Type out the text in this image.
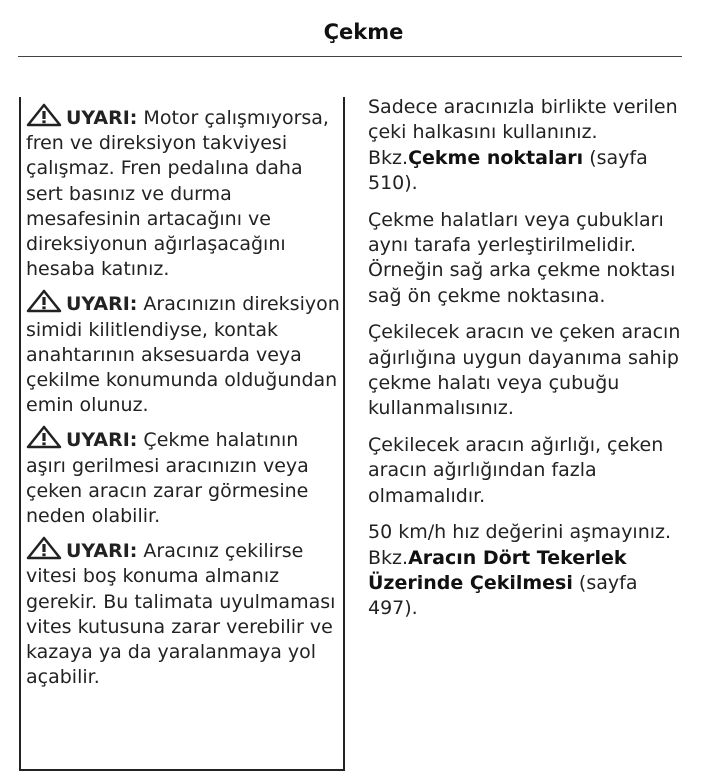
Çekme

UYARI: Motor çalışmıyorsa, fren ve direksiyon takviyesi çalışmaz. Fren pedalına daha sert basınız ve durma mesafesinin artacağını ve direksiyonun ağırlaşacağını hesaba katınız.

UYARI: Aracınızın direksiyon simidi kilitlendiyse, kontak anahtarının aksesuarda veya çekilme konumunda olduğundan emin olunuz.

UYARI: Çekme halatının aşırı gerilmesi aracınızın veya çeken aracın zarar görmesine neden olabilir.

UYARI: Aracınız çekilirse vitesi boş konuma almanız gerekir. Bu talimata uyulmaması vites kutusuna zarar verebilir ve kazaya ya da yaralanmaya yol açabilir.

Sadece aracınızla birlikte verilen çeki halkasını kullanınız. Bkz.Çekme noktaları (sayfa 510).

Çekme halatları veya çubukları aynı tarafa yerleştirilmelidir. Örneğin sağ arka çekme noktası sağ ön çekme noktasına.

Çekilecek aracın ve çeken aracın ağırlığına uygun dayanıma sahip çekme halatı veya çubuğu kullanmalısınız.

Çekilecek aracın ağırlığı, çeken aracın ağırlığından fazla olmamalıdır.

50 km/h hız değerini aşmayınız. Bkz.Aracın Dört Tekerlek Üzerinde Çekilmesi (sayfa 497).
